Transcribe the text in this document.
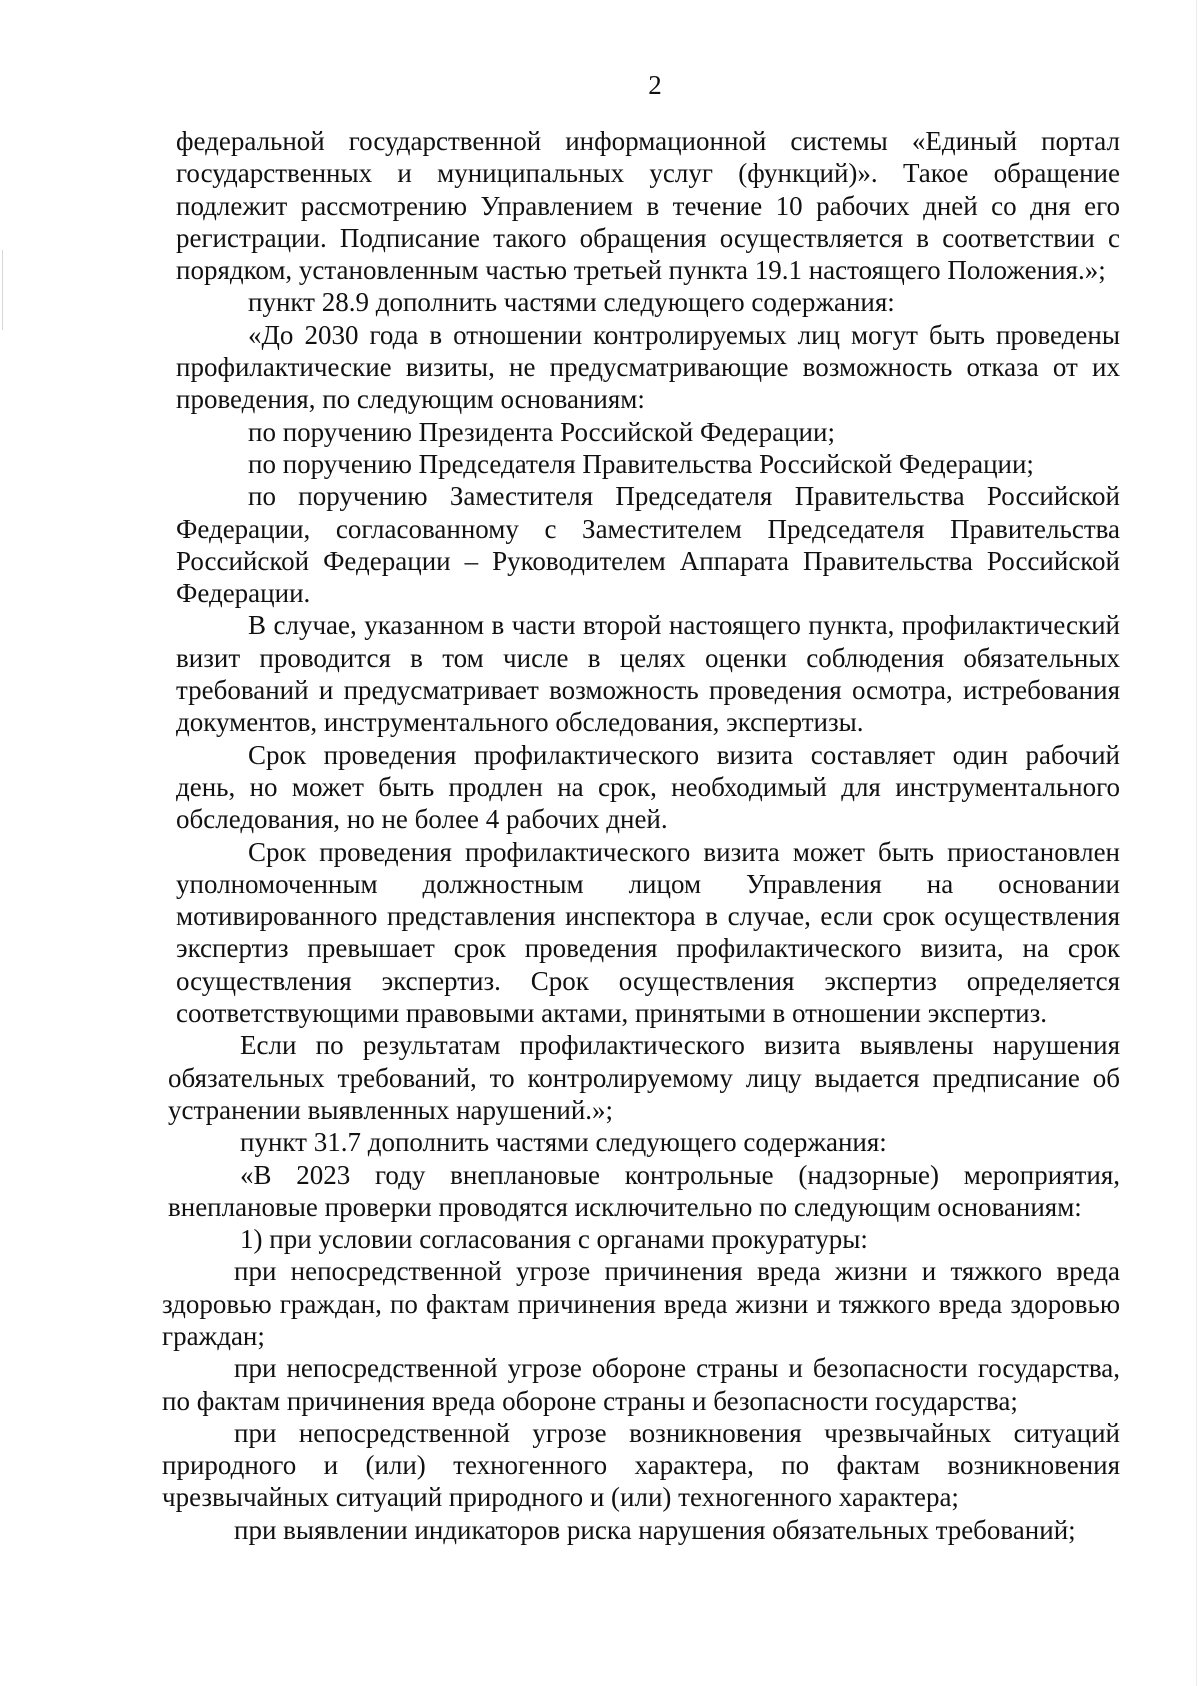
2

федеральной государственной информационной системы «Единый портал государственных и муниципальных услуг (функций)». Такое обращение подлежит рассмотрению Управлением в течение 10 рабочих дней со дня его регистрации. Подписание такого обращения осуществляется в соответствии с порядком, установленным частью третьей пункта 19.1 настоящего Положения.»;

пункт 28.9 дополнить частями следующего содержания:

«До 2030 года в отношении контролируемых лиц могут быть проведены профилактические визиты, не предусматривающие возможность отказа от их проведения, по следующим основаниям:

по поручению Президента Российской Федерации;

по поручению Председателя Правительства Российской Федерации;

по поручению Заместителя Председателя Правительства Российской Федерации, согласованному с Заместителем Председателя Правительства Российской Федерации – Руководителем Аппарата Правительства Российской Федерации.

В случае, указанном в части второй настоящего пункта, профилактический визит проводится в том числе в целях оценки соблюдения обязательных требований и предусматривает возможность проведения осмотра, истребования документов, инструментального обследования, экспертизы.

Срок проведения профилактического визита составляет один рабочий день, но может быть продлен на срок, необходимый для инструментального обследования, но не более 4 рабочих дней.

Срок проведения профилактического визита может быть приостановлен уполномоченным должностным лицом Управления на основании мотивированного представления инспектора в случае, если срок осуществления экспертиз превышает срок проведения профилактического визита, на срок осуществления экспертиз. Срок осуществления экспертиз определяется соответствующими правовыми актами, принятыми в отношении экспертиз.

Если по результатам профилактического визита выявлены нарушения обязательных требований, то контролируемому лицу выдается предписание об устранении выявленных нарушений.»;

пункт 31.7 дополнить частями следующего содержания:

«В 2023 году внеплановые контрольные (надзорные) мероприятия, внеплановые проверки проводятся исключительно по следующим основаниям:

1) при условии согласования с органами прокуратуры:

при непосредственной угрозе причинения вреда жизни и тяжкого вреда здоровью граждан, по фактам причинения вреда жизни и тяжкого вреда здоровью граждан;

при непосредственной угрозе обороне страны и безопасности государства, по фактам причинения вреда обороне страны и безопасности государства;

при непосредственной угрозе возникновения чрезвычайных ситуаций природного и (или) техногенного характера, по фактам возникновения чрезвычайных ситуаций природного и (или) техногенного характера;

при выявлении индикаторов риска нарушения обязательных требований;
